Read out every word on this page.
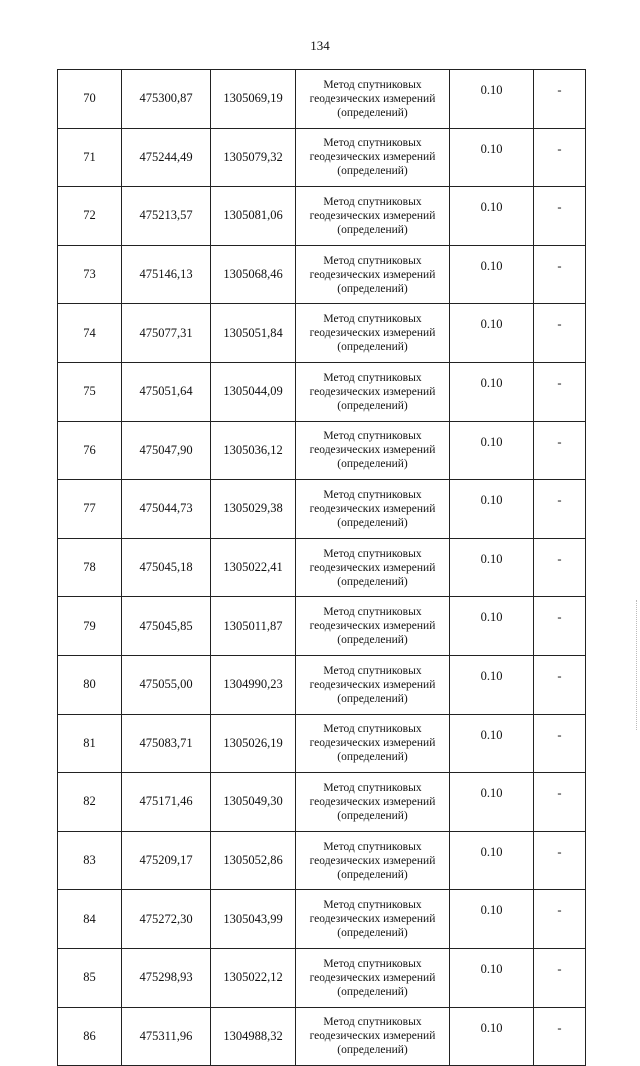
134
70	475300,87	1305069,19	Метод спутниковых
геодезических измерений
(определений)	0.10	-
71	475244,49	1305079,32	Метод спутниковых
геодезических измерений
(определений)	0.10	-
72	475213,57	1305081,06	Метод спутниковых
геодезических измерений
(определений)	0.10	-
73	475146,13	1305068,46	Метод спутниковых
геодезических измерений
(определений)	0.10	-
74	475077,31	1305051,84	Метод спутниковых
геодезических измерений
(определений)	0.10	-
75	475051,64	1305044,09	Метод спутниковых
геодезических измерений
(определений)	0.10	-
76	475047,90	1305036,12	Метод спутниковых
геодезических измерений
(определений)	0.10	-
77	475044,73	1305029,38	Метод спутниковых
геодезических измерений
(определений)	0.10	-
78	475045,18	1305022,41	Метод спутниковых
геодезических измерений
(определений)	0.10	-
79	475045,85	1305011,87	Метод спутниковых
геодезических измерений
(определений)	0.10	-
80	475055,00	1304990,23	Метод спутниковых
геодезических измерений
(определений)	0.10	-
81	475083,71	1305026,19	Метод спутниковых
геодезических измерений
(определений)	0.10	-
82	475171,46	1305049,30	Метод спутниковых
геодезических измерений
(определений)	0.10	-
83	475209,17	1305052,86	Метод спутниковых
геодезических измерений
(определений)	0.10	-
84	475272,30	1305043,99	Метод спутниковых
геодезических измерений
(определений)	0.10	-
85	475298,93	1305022,12	Метод спутниковых
геодезических измерений
(определений)	0.10	-
86	475311,96	1304988,32	Метод спутниковых
геодезических измерений
(определений)	0.10	-
